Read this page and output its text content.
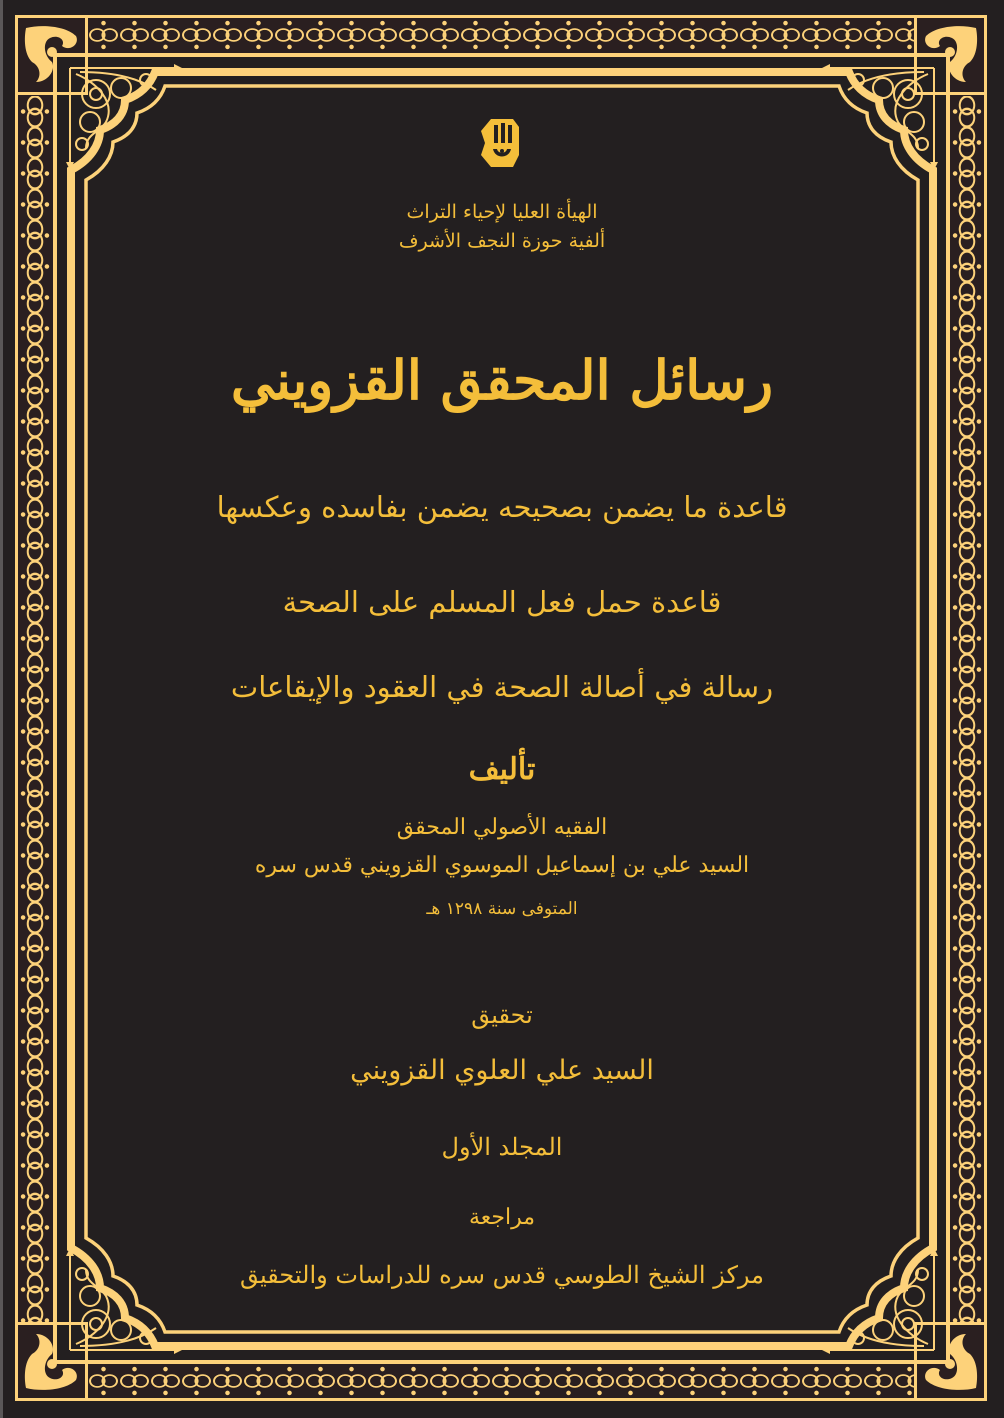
الهيأة العليا لإحياء التراث
ألفية حوزة النجف الأشرف
رسائل المحقق القزويني
قاعدة ما يضمن بصحيحه يضمن بفاسده وعكسها
قاعدة حمل فعل المسلم على الصحة
رسالة في أصالة الصحة في العقود والإيقاعات
تأليف
الفقيه الأصولي المحقق
السيد علي بن إسماعيل الموسوي القزويني قدس سره
المتوفى سنة ١٢٩٨ هـ
تحقيق
السيد علي العلوي القزويني
المجلد الأول
مراجعة
مركز الشيخ الطوسي قدس سره للدراسات والتحقيق
